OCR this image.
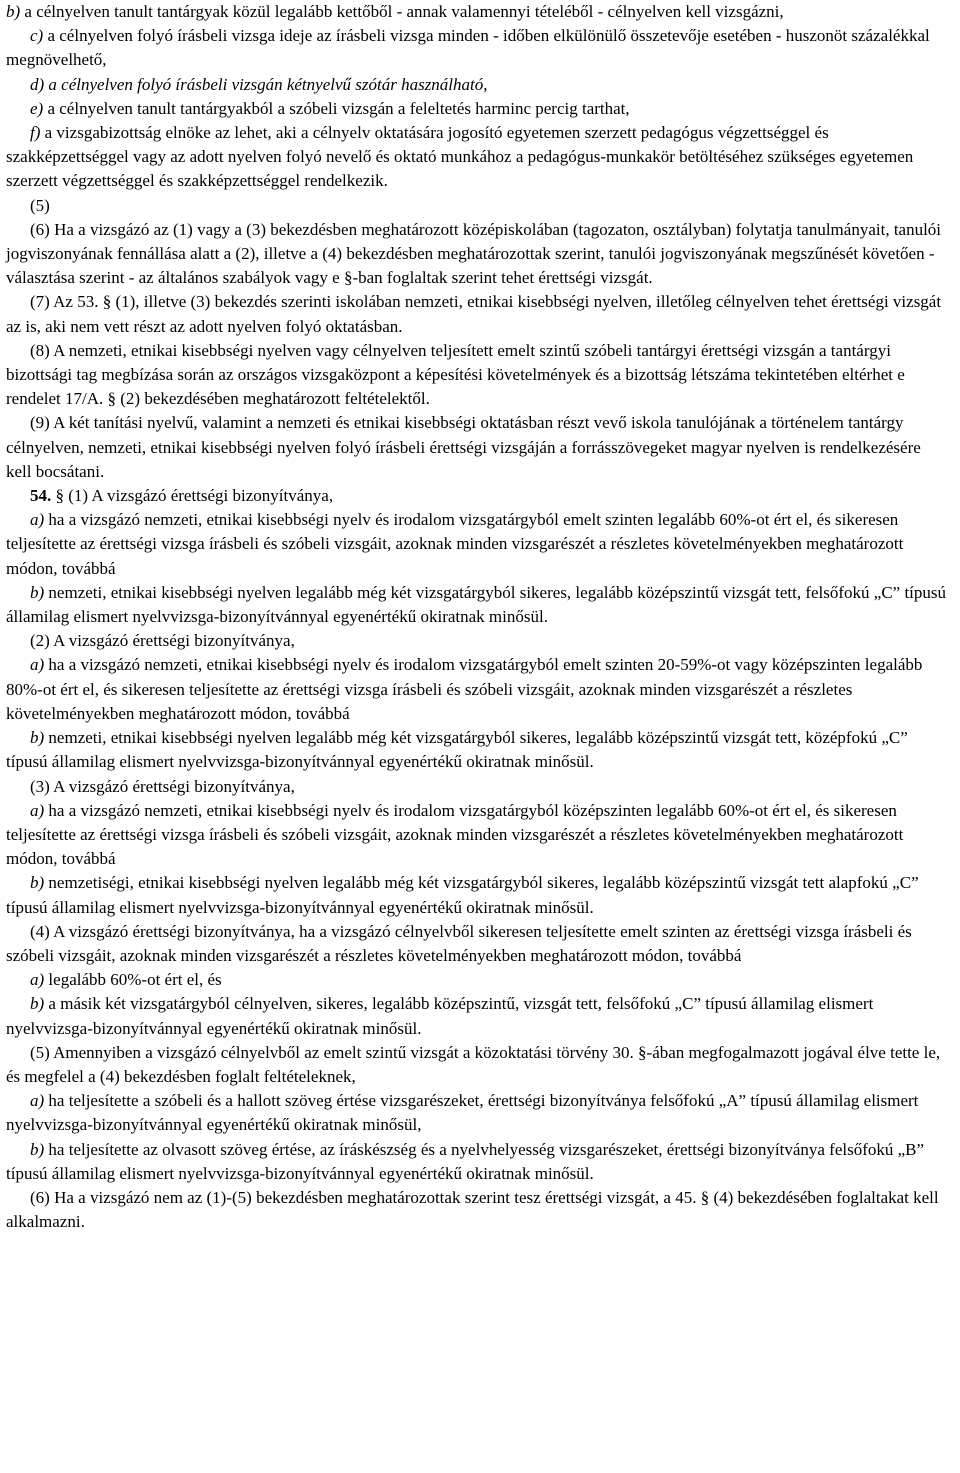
b) a célnyelven tanult tantárgyak közül legalább kettőből - annak valamennyi tételéből - célnyelven kell vizsgázni,

c) a célnyelven folyó írásbeli vizsga ideje az írásbeli vizsga minden - időben elkülönülő összetevője esetében - huszonöt százalékkal megnövelhető,

d) a célnyelven folyó írásbeli vizsgán kétnyelvű szótár használható,

e) a célnyelven tanult tantárgyakból a szóbeli vizsgán a feleltetés harminc percig tarthat,

f) a vizsgabizottság elnöke az lehet, aki a célnyelv oktatására jogosító egyetemen szerzett pedagógus végzettséggel és szakképzettséggel vagy az adott nyelven folyó nevelő és oktató munkához a pedagógus-munkakör betöltéséhez szükséges egyetemen szerzett végzettséggel és szakképzettséggel rendelkezik.

(5)

(6) Ha a vizsgázó az (1) vagy a (3) bekezdésben meghatározott középiskolában (tagozaton, osztályban) folytatja tanulmányait, tanulói jogviszonyának fennállása alatt a (2), illetve a (4) bekezdésben meghatározottak szerint, tanulói jogviszonyának megszűnését követően - választása szerint - az általános szabályok vagy e §-ban foglaltak szerint tehet érettségi vizsgát.

(7) Az 53. § (1), illetve (3) bekezdés szerinti iskolában nemzeti, etnikai kisebbségi nyelven, illetőleg célnyelven tehet érettségi vizsgát az is, aki nem vett részt az adott nyelven folyó oktatásban.

(8) A nemzeti, etnikai kisebbségi nyelven vagy célnyelven teljesített emelt szintű szóbeli tantárgyi érettségi vizsgán a tantárgyi bizottsági tag megbízása során az országos vizsgaközpont a képesítési követelmények és a bizottság létszáma tekintetében eltérhet e rendelet 17/A. § (2) bekezdésében meghatározott feltételektől.

(9) A két tanítási nyelvű, valamint a nemzeti és etnikai kisebbségi oktatásban részt vevő iskola tanulójának a történelem tantárgy célnyelven, nemzeti, etnikai kisebbségi nyelven folyó írásbeli érettségi vizsgáján a forrásszövegeket magyar nyelven is rendelkezésére kell bocsátani.

54. § (1) A vizsgázó érettségi bizonyítványa,

a) ha a vizsgázó nemzeti, etnikai kisebbségi nyelv és irodalom vizsgatárgyból emelt szinten legalább 60%-ot ért el, és sikeresen teljesítette az érettségi vizsga írásbeli és szóbeli vizsgáit, azoknak minden vizsgarészét a részletes követelményekben meghatározott módon, továbbá

b) nemzeti, etnikai kisebbségi nyelven legalább még két vizsgatárgyból sikeres, legalább középszintű vizsgát tett, felsőfokú „C” típusú államilag elismert nyelvvizsga-bizonyítvánnyal egyenértékű okiratnak minősül.

(2) A vizsgázó érettségi bizonyítványa,

a) ha a vizsgázó nemzeti, etnikai kisebbségi nyelv és irodalom vizsgatárgyból emelt szinten 20-59%-ot vagy középszinten legalább 80%-ot ért el, és sikeresen teljesítette az érettségi vizsga írásbeli és szóbeli vizsgáit, azoknak minden vizsgarészét a részletes követelményekben meghatározott módon, továbbá

b) nemzeti, etnikai kisebbségi nyelven legalább még két vizsgatárgyból sikeres, legalább középszintű vizsgát tett, középfokú „C” típusú államilag elismert nyelvvizsga-bizonyítvánnyal egyenértékű okiratnak minősül.

(3) A vizsgázó érettségi bizonyítványa,

a) ha a vizsgázó nemzeti, etnikai kisebbségi nyelv és irodalom vizsgatárgyból középszinten legalább 60%-ot ért el, és sikeresen teljesítette az érettségi vizsga írásbeli és szóbeli vizsgáit, azoknak minden vizsgarészét a részletes követelményekben meghatározott módon, továbbá

b) nemzetiségi, etnikai kisebbségi nyelven legalább még két vizsgatárgyból sikeres, legalább középszintű vizsgát tett alapfokú „C” típusú államilag elismert nyelvvizsga-bizonyítvánnyal egyenértékű okiratnak minősül.

(4) A vizsgázó érettségi bizonyítványa, ha a vizsgázó célnyelvből sikeresen teljesítette emelt szinten az érettségi vizsga írásbeli és szóbeli vizsgáit, azoknak minden vizsgarészét a részletes követelményekben meghatározott módon, továbbá

a) legalább 60%-ot ért el, és

b) a másik két vizsgatárgyból célnyelven, sikeres, legalább középszintű, vizsgát tett, felsőfokú „C” típusú államilag elismert nyelvvizsga-bizonyítvánnyal egyenértékű okiratnak minősül.

(5) Amennyiben a vizsgázó célnyelvből az emelt szintű vizsgát a közoktatási törvény 30. §-ában megfogalmazott jogával élve tette le, és megfelel a (4) bekezdésben foglalt feltételeknek,

a) ha teljesítette a szóbeli és a hallott szöveg értése vizsgarészeket, érettségi bizonyítványa felsőfokú „A” típusú államilag elismert nyelvvizsga-bizonyítvánnyal egyenértékű okiratnak minősül,

b) ha teljesítette az olvasott szöveg értése, az íráskészség és a nyelvhelyesség vizsgarészeket, érettségi bizonyítványa felsőfokú „B” típusú államilag elismert nyelvvizsga-bizonyítvánnyal egyenértékű okiratnak minősül.

(6) Ha a vizsgázó nem az (1)-(5) bekezdésben meghatározottak szerint tesz érettségi vizsgát, a 45. § (4) bekezdésében foglaltakat kell alkalmazni.
